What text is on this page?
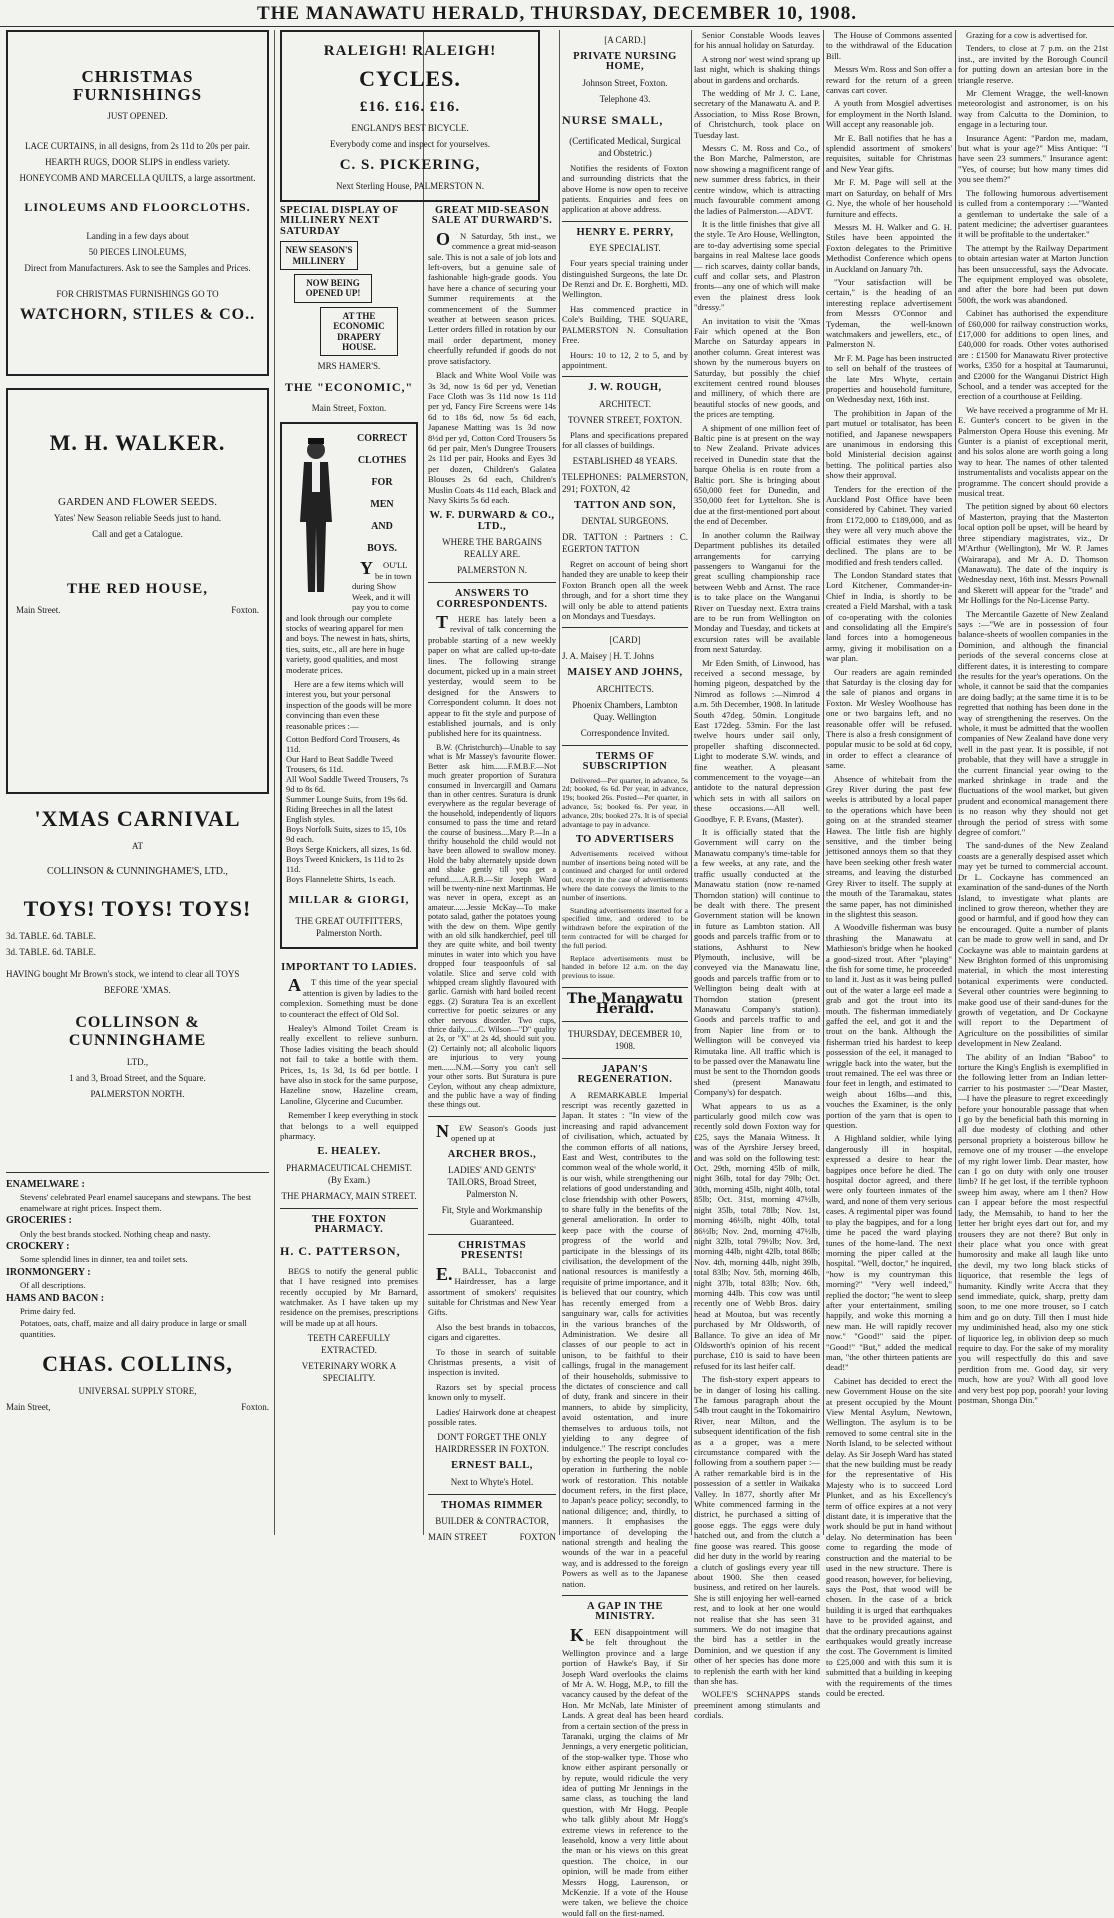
THE MANAWATU HERALD, THURSDAY, DECEMBER 10, 1908.
CHRISTMAS FURNISHINGS
JUST OPENED.
LACE CURTAINS, in all designs, from 2s 11d to 20s per pair.
HEARTH RUGS, DOOR SLIPS in endless variety.
HONEYCOMB AND MARCELLA QUILTS, a large assortment.
LINOLEUMS AND FLOORCLOTHS.
Landing in a few days about
50 PIECES LINOLEUMS,
Direct from Manufacturers. Ask to see the Samples and Prices.
FOR CHRISTMAS FURNISHINGS GO TO
WATCHORN, STILES & CO..
M. H. WALKER.
GARDEN AND FLOWER SEEDS.
Yates' New Season reliable Seeds just to hand.
Call and get a Catalogue.
THE RED HOUSE,
Main Street.	Foxton.
'XMAS CARNIVAL
AT
COLLINSON & CUNNINGHAME'S, LTD.,
TOYS! TOYS! TOYS!
3d. TABLE. 6d. TABLE.
3d. TABLE. 6d. TABLE.
HAVING bought Mr Brown's stock, we intend to clear all TOYS
BEFORE 'XMAS.
COLLINSON & CUNNINGHAME
LTD.,
1 and 3, Broad Street, and the Square.
PALMERSTON NORTH.

ENAMELWARE :

Stevens' celebrated Pearl enamel saucepans and stewpans. The best enamelware at right prices. Inspect them.

GROCERIES :

Only the best brands stocked. Nothing cheap and nasty.

CROCKERY :

Some splendid lines in dinner, tea and toilet sets.

IRONMONGERY :

Of all descriptions.

HAMS AND BACON :

Prime dairy fed.

Potatoes, oats, chaff, maize and all dairy produce in large or small quantities.

CHAS. COLLINS,
UNIVERSAL SUPPLY STORE,
Main Street,	Foxton.
RALEIGH! RALEIGH!
CYCLES.
£16. £16. £16.
ENGLAND'S BEST BICYCLE.
Everybody come and inspect for yourselves.
C. S. PICKERING,
Next Sterling House, PALMERSTON N.
SPECIAL DISPLAY OF MILLINERY NEXT SATURDAY
NEW SEASON'S MILLINERY
NOW BEING OPENED UP!
AT THE ECONOMIC DRAPERY HOUSE.
MRS HAMER'S.
THE "ECONOMIC,"
Main Street, Foxton.
CORRECT
CLOTHES
FOR
MEN
AND
BOYS.

YOU'LL be in town during Show Week, and it will pay you to come and look through our complete stocks of wearing apparel for men and boys. The newest in hats, shirts, ties, suits, etc., all are here in huge variety, good qualities, and most moderate prices.

Here are a few items which will interest you, but your personal inspection of the goods will be more convincing than even these reasonable prices :—

Cotton Bedford Cord Trousers, 4s 11d.
Our Hard to Beat Saddle Tweed Trousers, 6s 11d.
All Wool Saddle Tweed Trousers, 7s 9d to 8s 6d.
Summer Lounge Suits, from 19s 6d.
Riding Breeches in all the latest English styles.
Boys Norfolk Suits, sizes to 15, 10s 9d each.
Boys Serge Knickers, all sizes, 1s 6d.
Boys Tweed Knickers, 1s 11d to 2s 11d.
Boys Flannelette Shirts, 1s each.
MILLAR & GIORGI,
THE GREAT OUTFITTERS, Palmerston North.
IMPORTANT TO LADIES.

AT this time of the year special attention is given by ladies to the complexion. Something must be done to counteract the effect of Old Sol.

Healey's Almond Toilet Cream is really excellent to relieve sunburn. Those ladies visiting the beach should not fail to take a bottle with them. Prices, 1s, 1s 3d, 1s 6d per bottle. I have also in stock for the same purpose, Hazeline snow, Hazeline cream, Lanoline, Glycerine and Cucumber.

Remember I keep everything in stock that belongs to a well equipped pharmacy.

E. HEALEY.
PHARMACEUTICAL CHEMIST. (By Exam.)
THE PHARMACY, MAIN STREET.
THE FOXTON PHARMACY.
H. C. PATTERSON,

BEGS to notify the general public that I have resigned into premises recently occupied by Mr Barnard, watchmaker. As I have taken up my residence on the premises, prescriptions will be made up at all hours.

TEETH CAREFULLY EXTRACTED.
VETERINARY WORK A SPECIALITY.
GREAT MID-SEASON SALE AT DURWARD'S.

ON Saturday, 5th inst., we commence a great mid-season sale. This is not a sale of job lots and left-overs, but a genuine sale of fashionable high-grade goods. You have here a chance of securing your Summer requirements at the commencement of the Summer weather at between season prices. Letter orders filled in rotation by our mail order department, money cheerfully refunded if goods do not prove satisfactory.

Black and White Wool Voile was 3s 3d, now 1s 6d per yd, Venetian Face Cloth was 3s 11d now 1s 11d per yd, Fancy Fire Screens were 14s 6d to 18s 6d, now 5s 6d each, Japanese Matting was 1s 3d now 8½d per yd, Cotton Cord Trousers 5s 6d per pair, Men's Dungree Trousers 2s 11d per pair, Hooks and Eyes 3d per dozen, Children's Galatea Blouses 2s 6d each, Children's Muslin Coats 4s 11d each, Black and Navy Skirts 5s 6d each.

W. F. DURWARD & CO., LTD.,
WHERE THE BARGAINS REALLY ARE.
PALMERSTON N.
ANSWERS TO CORRESPONDENTS.

THERE has lately been a revival of talk concerning the probable starting of a new weekly paper on what are called up-to-date lines. The following strange document, picked up in a main street yesterday, would seem to be designed for the Answers to Correspondent column. It does not appear to fit the style and purpose of established journals, and is only published here for its quaintness.

B.W. (Christchurch)—Unable to say what is Mr Massey's favourite flower. Better ask him.......F.M.B.F.—Not much greater proportion of Suratura consumed in Invercargill and Oamaru than in other centres. Suratura is drunk everywhere as the regular beverage of the household, independently of liquors consumed to pass the time and retard the course of business....Mary P.—In a thrifty household the child would not have been allowed to swallow money. Hold the baby alternately upside down and shake gently till you get a refund.......A.R.B.—Sir Joseph Ward will be twenty-nine next Martinmas. He was never in opera, except as an amateur.......Jessie McKay—To make potato salad, gather the potatoes young with the dew on them. Wipe gently with an old silk handkerchief, peel till they are quite white, and boil twenty minutes in water into which you have dropped four teaspoonfuls of sal volatile. Slice and serve cold with whipped cream slightly flavoured with garlic. Garnish with hard boiled recent eggs. (2) Suratura Tea is an excellent corrective for poetic seizures or any other nervous disorder. Two cups, thrice daily.......C. Wilson—"D" quality at 2s, or "X" at 2s 4d, should suit you. (2) Certainly not; all alcoholic liquors are injurious to very young men.......N.M.—Sorry you can't sell your other sorts. But Suratura is pure Ceylon, without any cheap admixture, and the public have a way of finding these things out.

NEW Season's Goods just opened up at

ARCHER BROS.,
LADIES' AND GENTS' TAILORS, Broad Street, Palmerston N.
Fit, Style and Workmanship Guaranteed.
CHRISTMAS PRESENTS!

E.BALL, Tobacconist and Hairdresser, has a large assortment of smokers' requisites suitable for Christmas and New Year Gifts.

Also the best brands in tobaccos, cigars and cigarettes.

To those in search of suitable Christmas presents, a visit of inspection is invited.

Razors set by special process known only to myself.

Ladies' Hairwork done at cheapest possible rates.

DON'T FORGET THE ONLY HAIRDRESSER IN FOXTON.
ERNEST BALL,
Next to Whyte's Hotel.
THOMAS RIMMER
BUILDER & CONTRACTOR,
MAIN STREET	FOXTON
[A CARD.]
PRIVATE NURSING HOME,
Johnson Street, Foxton.
Telephone 43.
NURSE SMALL,
(Certificated Medical, Surgical and Obstetric.)

Notifies the residents of Foxton and surrounding districts that the above Home is now open to receive patients. Enquiries and fees on application at above address.

HENRY E. PERRY,
EYE SPECIALIST.

Four years special training under distinguished Surgeons, the late Dr. De Renzi and Dr. E. Borghetti, MD. Wellington.

Has commenced practice in Cole's Building, THE SQUARE, PALMERSTON N. Consultation Free.

Hours: 10 to 12, 2 to 5, and by appointment.

J. W. ROUGH,
ARCHITECT.
TOVNER STREET, FOXTON.

Plans and specifications prepared for all classes of buildings.

ESTABLISHED 48 YEARS.
TELEPHONES: PALMERSTON, 291; FOXTON, 42
TATTON AND SON,
DENTAL SURGEONS.
DR. TATTON : Partners : C. EGERTON TATTON

Regret on account of being short handed they are unable to keep their Foxton Branch open all the week through, and for a short time they will only be able to attend patients on Mondays and Tuesdays.

[CARD]
J. A. Maisey | H. T. Johns
MAISEY AND JOHNS,
ARCHITECTS.
Phoenix Chambers, Lambton Quay. Wellington
Correspondence Invited.
TERMS OF SUBSCRIPTION

Delivered—Per quarter, in advance, 5s 2d; booked, 6s 6d. Per year, in advance, 19s; booked 26s. Posted—Per quarter, in advance, 5s; booked 6s. Per year, in advance, 20s; booked 27s. It is of special advantage to pay in advance.

TO ADVERTISERS

Advertisements received without number of insertions being noted will be continued and charged for until ordered out, except in the case of advertisements where the date conveys the limits to the number of insertions.

Standing advertisements inserted for a specified time, and ordered to be withdrawn before the expiration of the term contracted for will be charged for the full period.

Replace advertisements must be handed in before 12 a.m. on the day previous to issue.

The Manawatu Herald.
THURSDAY, DECEMBER 10, 1908.
JAPAN'S REGENERATION.

A REMARKABLE Imperial rescript was recently gazetted in Japan. It states : "In view of the increasing and rapid advancement of civilisation, which, actuated by the common efforts of all nations, East and West, contributes to the common weal of the whole world, it is our wish, while strengthening our relations of good understanding and close friendship with other Powers, to share fully in the benefits of the general amelioration. In order to keep pace with the course of progress of the world and participate in the blessings of its civilisation, the development of the national resources is manifestly a requisite of prime importance, and it is believed that our country, which has recently emerged from a sanguinary war, calls for activities in the various branches of the Administration. We desire all classes of our people to act in unison, to be faithful to their callings, frugal in the management of their households, submissive to the dictates of conscience and call of duty, frank and sincere in their manners, to abide by simplicity, avoid ostentation, and inure themselves to arduous toils, not yielding to any degree of indulgence." The rescript concludes by exhorting the people to loyal co-operation in furthering the noble work of restoration. This notable document refers, in the first place, to Japan's peace policy; secondly, to national diligence; and, thirdly, to manners. It emphasises the importance of developing the national strength and healing the wounds of the war in a peaceful way, and is addressed to the foreign Powers as well as to the Japanese nation.

A GAP IN THE MINISTRY.

KEEN disappointment will be felt throughout the Wellington province and a large portion of Hawke's Bay, if Sir Joseph Ward overlooks the claims of Mr A. W. Hogg, M.P., to fill the vacancy caused by the defeat of the Hon. Mr McNab, late Minister of Lands. A great deal has been heard from a certain section of the press in Taranaki, urging the claims of Mr Jennings, a very energetic politician, of the stop-walker type. Those who know either aspirant personally or by repute, would ridicule the very idea of putting Mr Jennings in the same class, as touching the land question, with Mr Hogg. People who talk glibly about Mr Hogg's extreme views in reference to the leasehold, know a very little about the man or his views on this great question. The choice, in our opinion, will be made from either Messrs Hogg, Laurenson, or McKenzie. If a vote of the House were taken, we believe the choice would fall on the first-named.

Senior Constable Woods leaves for his annual holiday on Saturday.

A strong nor' west wind sprang up last night, which is shaking things about in gardens and orchards.

The wedding of Mr J. C. Lane, secretary of the Manawatu A. and P. Association, to Miss Rose Brown, of Christchurch, took place on Tuesday last.

Messrs C. M. Ross and Co., of the Bon Marche, Palmerston, are now showing a magnificent range of new summer dress fabrics, in their centre window, which is attracting much favourable comment among the ladies of Palmerston.—ADVT.

It is the little finishes that give all the style. Te Aro House, Wellington, are to-day advertising some special bargains in real Maltese lace goods — rich scarves, dainty collar bands, cuff and collar sets, and Plastron fronts—any one of which will make even the plainest dress look "dressy."

An invitation to visit the 'Xmas Fair which opened at the Bon Marche on Saturday appears in another column. Great interest was shown by the numerous buyers on Saturday, but possibly the chief excitement centred round blouses and millinery, of which there are beautiful stocks of new goods, and the prices are tempting.

A shipment of one million feet of Baltic pine is at present on the way to New Zealand. Private advices received in Dunedin state that the barque Ohelia is en route from a Baltic port. She is bringing about 650,000 feet for Dunedin, and 350,000 feet for Lyttelton. She is due at the first-mentioned port about the end of December.

In another column the Railway Department publishes its detailed arrangements for carrying passengers to Wanganui for the great sculling championship race between Webb and Arnst. The race is to take place on the Wanganui River on Tuesday next. Extra trains are to be run from Wellington on Monday and Tuesday, and tickets at excursion rates will be available from next Saturday.

Mr Eden Smith, of Linwood, has received a second message, by homing pigeon, despatched by the Nimrod as follows :—Nimrod 4 a.m. 5th December, 1908. In latitude South 47deg. 50min. Longitude East 172deg. 53min. For the last twelve hours under sail only, propeller shafting disconnected. Light to moderate S.W. winds, and fine weather. A pleasant commencement to the voyage—an antidote to the natural depression which sets in with all sailors on these occasions.—All well. Goodbye, F. P. Evans, (Master).

It is officially stated that the Government will carry on the Manawatu company's time-table for a few weeks, at any rate, and the traffic usually conducted at the Manawatu station (now re-named Thorndon station) will continue to be dealt with there. The present Government station will be known in future as Lambton station. All goods and parcels traffic from or to stations, Ashhurst to New Plymouth, inclusive, will be conveyed via the Manawatu line, goods and parcels traffic from or to Wellington being dealt with at Thorndon station (present Manawatu Company's station). Goods and parcels traffic to and from Napier line from or to Wellington will be conveyed via Rimutaka line. All traffic which is to be passed over the Manawatu line must be sent to the Thorndon goods shed (present Manawatu Company's) for despatch.

What appears to us as a particularly good milch cow was recently sold down Foxton way for £25, says the Manaia Witness. It was of the Ayrshire Jersey breed, and was sold on the following test: Oct. 29th, morning 45lb of milk, night 36lb, total for day 79lb; Oct. 30th, morning 45lb, night 40lb, total 85lb; Oct. 31st, morning 47½lb, night 35lb, total 78lb; Nov. 1st, morning 46½lb, night 40lb, total 86½lb; Nov. 2nd, morning 47½lb, night 32lb, total 79½lb; Nov. 3rd, morning 44lb, night 42lb, total 86lb; Nov. 4th, morning 44lb, night 39lb, total 83lb; Nov. 5th, morning 46lb, night 37lb, total 83lb; Nov. 6th, morning 44lb. This cow was until recently one of Webb Bros. dairy head at Moutoa, but was recently purchased by Mr Oldsworth, of Ballance. To give an idea of Mr Oldsworth's opinion of his recent purchase, £10 is said to have been refused for its last heifer calf.

The fish-story expert appears to be in danger of losing his calling. The famous paragraph about the 54lb trout caught in the Tokomairiro River, near Milton, and the subsequent identification of the fish as a a groper, was a mere circumstance compared with the following from a southern paper :—A rather remarkable bird is in the possession of a settler in Waikaka Valley. In 1877, shortly after Mr White commenced farming in the district, he purchased a sitting of goose eggs. The eggs were duly hatched out, and from the clutch a fine goose was reared. This goose did her duty in the world by rearing a clutch of goslings every year till about 1900. She then ceased business, and retired on her laurels. She is still enjoying her well-earned rest, and to look at her one would not realise that she has seen 31 summers. We do not imagine that the bird has a settler in the Dominion, and we question if any other of her species has done more to replenish the earth with her kind than she has.

WOLFE'S SCHNAPPS stands preeminent among stimulants and cordials.

The House of Commons assented to the withdrawal of the Education Bill.

Messrs Wm. Ross and Son offer a reward for the return of a green canvas cart cover.

A youth from Mosgiel advertises for employment in the North Island. Will accept any reasonable job.

Mr E. Ball notifies that he has a splendid assortment of smokers' requisites, suitable for Christmas and New Year gifts.

Mr F. M. Page will sell at the mart on Saturday, on behalf of Mrs G. Nye, the whole of her household furniture and effects.

Messrs M. H. Walker and G. H. Stiles have been appointed the Foxton delegates to the Primitive Methodist Conference which opens in Auckland on January 7th.

"Your satisfaction will be certain," is the heading of an interesting replace advertisement from Messrs O'Connor and Tydeman, the well-known watchmakers and jewellers, etc., of Palmerston N.

Mr F. M. Page has been instructed to sell on behalf of the trustees of the late Mrs Whyte, certain properties and household furniture, on Wednesday next, 16th inst.

The prohibition in Japan of the part mutuel or totalisator, has been notified, and Japanese newspapers are unanimous in endorsing this bold Ministerial decision against betting. The political parties also show their approval.

Tenders for the erection of the Auckland Post Office have been considered by Cabinet. They varied from £172,000 to £189,000, and as they were all very much above the official estimates they were all declined. The plans are to be modified and fresh tenders called.

The London Standard states that Lord Kitchener, Commander-in-Chief in India, is shortly to be created a Field Marshal, with a task of co-operating with the colonies and consolidating all the Empire's land forces into a homogeneous army, giving it mobilisation on a war plan.

Our readers are again reminded that Saturday is the closing day for the sale of pianos and organs in Foxton. Mr Wesley Woolhouse has one or two bargains left, and no reasonable offer will be refused. There is also a fresh consignment of popular music to be sold at 6d copy, in order to effect a clearance of same.

Absence of whitebait from the Grey River during the past few weeks is attributed by a local paper to the operations which have been going on at the stranded steamer Hawea. The little fish are highly sensitive, and the timber being jettisoned annoys them so that they have been seeking other fresh water streams, and leaving the disturbed Grey River to itself. The supply at the mouth of the Taramakau, states the same paper, has not diminished in the slightest this season.

A Woodville fisherman was busy thrashing the Manawatu at Mathieson's bridge when he hooked a good-sized trout. After "playing" the fish for some time, he proceeded to land it. Just as it was being pulled out of the water a large eel made a grab and got the trout into its mouth. The fisherman immediately gaffed the eel, and got it and the trout on the bank. Although the fisherman tried his hardest to keep possession of the eel, it managed to wriggle back into the water, but the trout remained. The eel was three or four feet in length, and estimated to weigh about 16lbs—and this, vouches the Examiner, is the only portion of the yarn that is open to question.

A Highland soldier, while lying dangerously ill in hospital, expressed a desire to hear the bagpipes once before he died. The hospital doctor agreed, and there were only fourteen inmates of the ward, and none of them very serious cases. A regimental piper was found to play the bagpipes, and for a long time he paced the ward playing tunes of the home-land. The next morning the piper called at the hospital. "Well, doctor," he inquired, "how is my countryman this morning?" "Very well indeed," replied the doctor; "he went to sleep after your entertainment, smiling happily, and woke this morning a new man. He will rapidly recover now." "Good!" said the piper. "Good!" "But," added the medical man, "the other thirteen patients are dead!"

Cabinet has decided to erect the new Government House on the site at present occupied by the Mount View Mental Asylum, Newtown, Wellington. The asylum is to be removed to some central site in the North Island, to be selected without delay. As Sir Joseph Ward has stated that the new building must be ready for the representative of His Majesty who is to succeed Lord Plunket, and as his Excellency's term of office expires at a not very distant date, it is imperative that the work should be put in hand without delay. No determination has been come to regarding the mode of construction and the material to be used in the new structure. There is good reason, however, for believing, says the Post, that wood will be chosen. In the case of a brick building it is urged that earthquakes have to be provided against, and that the ordinary precautions against earthquakes would greatly increase the cost. The Government is limited to £25,000 and with this sum it is submitted that a building in keeping with the requirements of the times could be erected.

Grazing for a cow is advertised for.

Tenders, to close at 7 p.m. on the 21st inst., are invited by the Borough Council for putting down an artesian bore in the triangle reserve.

Mr Clement Wragge, the well-known meteorologist and astronomer, is on his way from Calcutta to the Dominion, to engage in a lecturing tour.

Insurance Agent: "Pardon me, madam, but what is your age?" Miss Antique: "I have seen 23 summers." Insurance agent: "Yes, of course; but how many times did you see them?"

The following humorous advertisement is culled from a contemporary :—"Wanted a gentleman to undertake the sale of a patent medicine; the advertiser guarantees it will be profitable to the undertaker."

The attempt by the Railway Department to obtain artesian water at Marton Junction has been unsuccessful, says the Advocate. The equipment employed was obsolete, and after the bore had been put down 500ft, the work was abandoned.

Cabinet has authorised the expenditure of £60,000 for railway construction works, £17,000 for additions to open lines, and £40,000 for roads. Other votes authorised are : £1500 for Manawatu River protective works, £350 for a hospital at Taumarunui, and £2000 for the Wanganui District High School, and a tender was accepted for the erection of a courthouse at Feilding.

We have received a programme of Mr H. E. Gunter's concert to be given in the Palmerston Opera House this evening. Mr Gunter is a pianist of exceptional merit, and his solos alone are worth going a long way to hear. The names of other talented instrumentalists and vocalists appear on the programme. The concert should provide a musical treat.

The petition signed by about 60 electors of Masterton, praying that the Masterton local option poll be upset, will be heard by three stipendiary magistrates, viz., Dr M'Arthur (Wellington), Mr W. P. James (Wairarapa), and Mr A. D. Thomson (Manawatu). The date of the inquiry is Wednesday next, 16th inst. Messrs Pownall and Skerett will appear for the "trade" and Mr Hollings for the No-License Party.

The Mercantile Gazette of New Zealand says :—"We are in possession of four balance-sheets of woollen companies in the Dominion, and although the financial periods of the several concerns close at different dates, it is interesting to compare the results for the year's operations. On the whole, it cannot be said that the companies are doing badly; at the same time it is to be regretted that nothing has been done in the way of strengthening the reserves. On the whole, it must be admitted that the woollen companies of New Zealand have done very well in the past year. It is possible, if not probable, that they will have a struggle in the current financial year owing to the marked shrinkage in trade and the fluctuations of the wool market, but given prudent and economical management there is no reason why they should not get through the period of stress with some degree of comfort."

The sand-dunes of the New Zealand coasts are a generally despised asset which may yet be turned to commercial account. Dr L. Cockayne has commenced an examination of the sand-dunes of the North Island, to investigate what plants are inclined to grow thereon, whether they are good or harmful, and if good how they can be encouraged. Quite a number of plants can be made to grow well in sand, and Dr Cockayne was able to maintain gardens at New Brighton formed of this unpromising material, in which the most interesting botanical experiments were conducted. Several other countries were beginning to make good use of their sand-dunes for the growth of vegetation, and Dr Cockayne will report to the Department of Agriculture on the possibilities of similar development in New Zealand.

The ability of an Indian "Baboo" to torture the King's English is exemplified in the following letter from an Indian letter-carrier to his postmaster :—"Dear Master,—I have the pleasure to regret exceedingly before your honourable passage that when I go by the beneficial bath this morning in all due modesty of clothing and other personal propriety a boisterous billow he remove one of my trouser —the envelope of my right lower limb. Dear master, how can I go on duty with only one trouser limb? If he get lost, if the terrible typhoon sweep him away, where am I then? How can I appear before the most respectful lady, the Memsahib, to hand to her the letter her bright eyes dart out for, and my trousers they are not there? But only in their place what you once with great humorosity and make all laugh like unto the devil, my two long black sticks of liquorice, that resemble the legs of humanity. Kindly write Accra that they send immediate, quick, sharp, pretty dam soon, to me one more trouser, so I catch him and go on duty. Till then I must hide my undiminished head, also my one stick of liquorice leg, in oblivion deep so much require to day. For the sake of my morality you will respectfully do this and save perdition from me. Good day, sir very much, how are you? With all good love and very best pop pop, poorah! your loving postman, Shonga Din."
